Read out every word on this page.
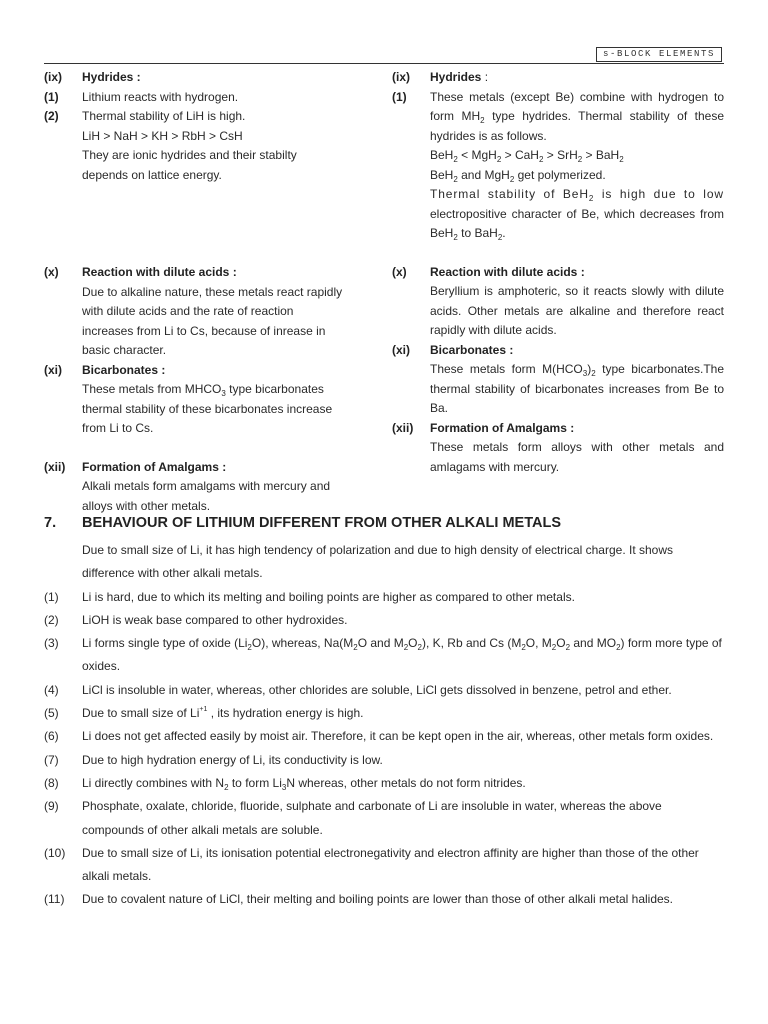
s-BLOCK ELEMENTS
(ix)	Hydrides :
(1)	Lithium reacts with hydrogen.
(2)	Thermal stability of LiH is high.
LiH > NaH > KH > RbH > CsH
They are ionic hydrides and their stabilty depends on lattice energy.
(x)	Reaction with dilute acids :
Due to alkaline nature, these metals react rapidly with dilute acids and the rate of reaction increases from Li to Cs, because of inrease in basic character.
(xi)	Bicarbonates :
These metals from $MHCO_3$ type bicarbonates thermal stability of these bicarbonates increase from Li to Cs.
(xii)	Formation of Amalgams :
Alkali metals form amalgams with mercury and alloys with other metals.
(ix)	Hydrides :
(1)	These metals (except Be) combine with hydrogen to form $MH_2$ type hydrides. Thermal stability of these hydrides is as follows.
BeH$_2$ < MgH$_2$ > CaH$_2$ > SrH$_2$ > BaH$_2$
BeH$_2$ and MgH$_2$ get polymerized.
Thermal stability of BeH$_2$ is high due to low electropositive character of Be, which decreases from BeH$_2$ to BaH$_2$.
(x)	Reaction with dilute acids :
Beryllium is amphoteric, so it reacts slowly with dilute acids. Other metals are alkaline and therefore react rapidly with dilute acids.
(xi)	Bicarbonates :
These metals form $M(HCO_3)_2$ type bicarbonates.The thermal stability of bicarbonates increases from Be to Ba.
(xii)	Formation of Amalgams :
These metals form alloys with other metals and amlagams with mercury.
7.	BEHAVIOUR OF LITHIUM DIFFERENT FROM OTHER ALKALI METALS
Due to small size of Li, it has high tendency of polarization and due to high density of electrical charge. It shows difference with other alkali metals.
(1)	Li is hard, due to which its melting and boiling points are higher as compared to other metals.
(2)	LiOH is weak base compared to other hydroxides.
(3)	Li forms single type of oxide $(Li_2O)$, whereas, $Na(M_2O$ and $M_2O_2$), K, Rb and Cs ($M_2O$, $M_2O_2$ and $MO_2$) form more type of oxides.
(4)	LiCl is insoluble in water, whereas, other chlorides are soluble, LiCl gets dissolved in benzene, petrol and ether.
(5)	Due to small size of $Li^{+1}$ , its hydration energy is high.
(6)	Li does not get affected easily by moist air. Therefore, it can be kept open in the air, whereas, other metals form oxides.
(7)	Due to high hydration energy of Li, its conductivity is low.
(8)	Li directly combines with $N_2$ to form $Li_3N$ whereas, other metals do not form nitrides.
(9)	Phosphate, oxalate, chloride, fluoride, sulphate and carbonate of Li are insoluble in water, whereas the above compounds of other alkali metals are soluble.
(10)	Due to small size of Li, its ionisation potential electronegativity and electron affinity are higher than those of the other alkali metals.
(11)	Due to covalent nature of LiCl, their melting and boiling points are lower than those of other alkali metal halides.
